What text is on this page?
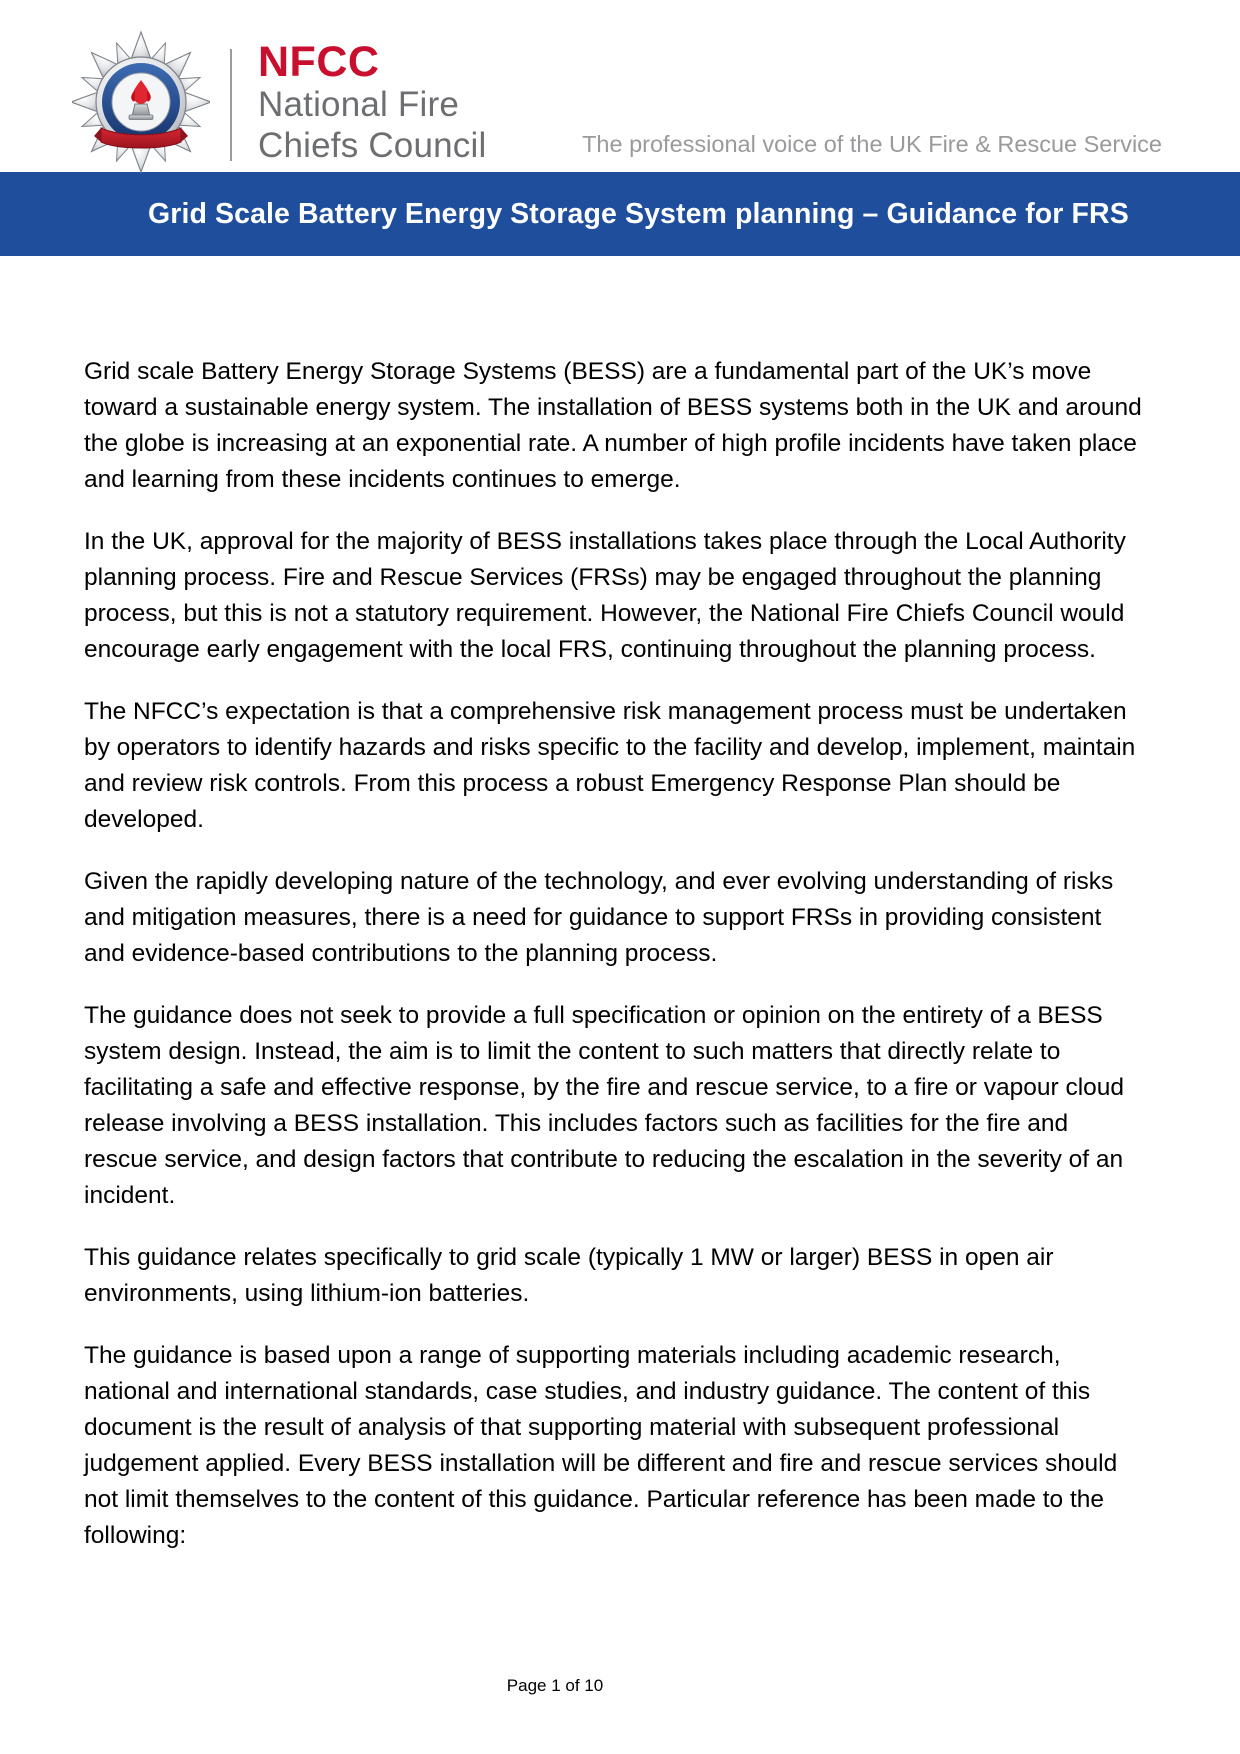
NFCC
National Fire
Chiefs Council	The professional voice of the UK Fire & Rescue Service
Grid Scale Battery Energy Storage System planning – Guidance for FRS

Grid scale Battery Energy Storage Systems (BESS) are a fundamental part of the UK’s move toward a sustainable energy system. The installation of BESS systems both in the UK and around the globe is increasing at an exponential rate. A number of high profile incidents have taken place and learning from these incidents continues to emerge.

In the UK, approval for the majority of BESS installations takes place through the Local Authority planning process. Fire and Rescue Services (FRSs) may be engaged throughout the planning process, but this is not a statutory requirement. However, the National Fire Chiefs Council would encourage early engagement with the local FRS, continuing throughout the planning process.

The NFCC’s expectation is that a comprehensive risk management process must be undertaken by operators to identify hazards and risks specific to the facility and develop, implement, maintain and review risk controls. From this process a robust Emergency Response Plan should be developed.

Given the rapidly developing nature of the technology, and ever evolving understanding of risks and mitigation measures, there is a need for guidance to support FRSs in providing consistent and evidence-based contributions to the planning process.

The guidance does not seek to provide a full specification or opinion on the entirety of a BESS system design. Instead, the aim is to limit the content to such matters that directly relate to facilitating a safe and effective response, by the fire and rescue service, to a fire or vapour cloud release involving a BESS installation. This includes factors such as facilities for the fire and rescue service, and design factors that contribute to reducing the escalation in the severity of an incident.

This guidance relates specifically to grid scale (typically 1 MW or larger) BESS in open air environments, using lithium-ion batteries.

The guidance is based upon a range of supporting materials including academic research, national and international standards, case studies, and industry guidance. The content of this document is the result of analysis of that supporting material with subsequent professional judgement applied. Every BESS installation will be different and fire and rescue services should not limit themselves to the content of this guidance. Particular reference has been made to the following:

Page 1 of 10
